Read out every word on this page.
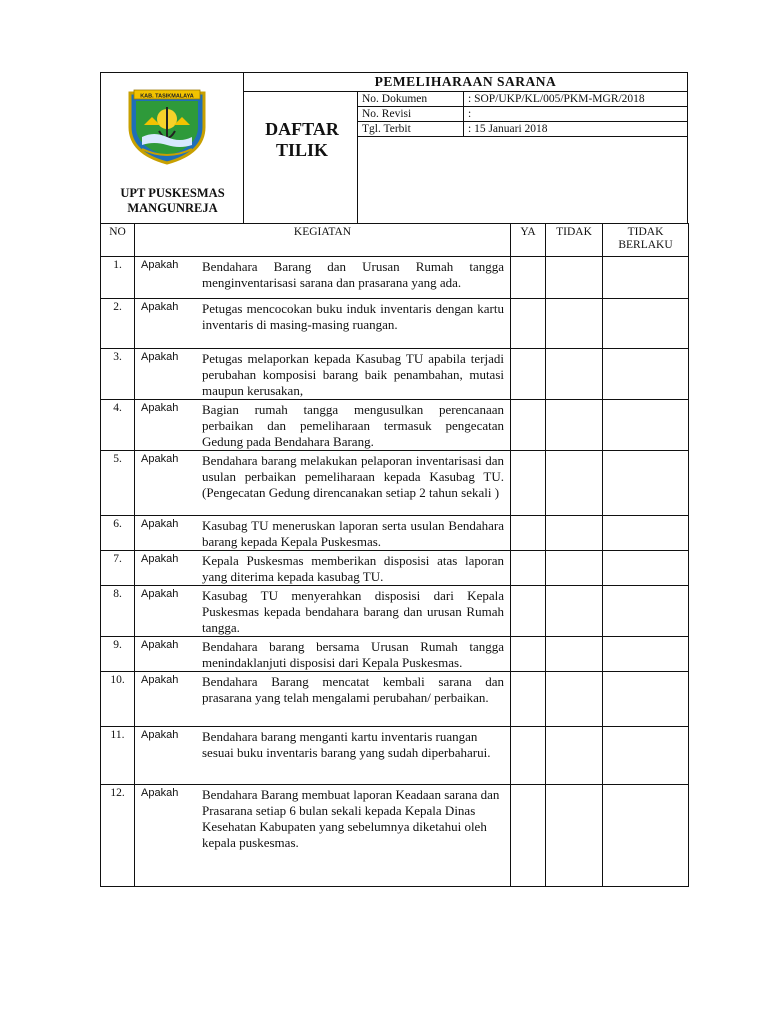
KAB. TASIKMALAYA
UPT PUSKESMAS
MANGUNREJA
PEMELIHARAAN SARANA
DAFTAR
TILIK
No. Dokumen	: SOP/UKP/KL/005/PKM-MGR/2018
No. Revisi	:
Tgl. Terbit	: 15 Januari 2018
NO	KEGIATAN	YA	TIDAK	TIDAK BERLAKU
1.	Apakah Bendahara Barang dan Urusan Rumah tangga menginventarisasi sarana dan prasarana yang ada.			

2.	Apakah Petugas mencocokan buku induk inventaris dengan kartu inventaris di masing-masing ruangan.			

3.	Apakah Petugas melaporkan kepada Kasubag TU apabila terjadi perubahan komposisi barang baik penambahan, mutasi maupun kerusakan,			

4.	Apakah Bagian rumah tangga mengusulkan perencanaan perbaikan dan pemeliharaan termasuk pengecatan Gedung pada Bendahara Barang.			

5.	Apakah Bendahara barang melakukan pelaporan inventarisasi dan usulan perbaikan pemeliharaan kepada Kasubag TU. (Pengecatan Gedung direncanakan setiap 2 tahun sekali )			

6.	Apakah Kasubag TU meneruskan laporan serta usulan Bendahara barang kepada Kepala Puskesmas.			

7.	Apakah Kepala Puskesmas memberikan disposisi atas laporan yang diterima kepada kasubag TU.			

8.	Apakah Kasubag TU menyerahkan disposisi dari Kepala Puskesmas kepada bendahara barang dan urusan Rumah tangga.			

9.	Apakah Bendahara barang bersama Urusan Rumah tangga menindaklanjuti disposisi dari Kepala Puskesmas.			

10.	Apakah Bendahara Barang mencatat kembali sarana dan prasarana yang telah mengalami perubahan/ perbaikan.			

11.	Apakah Bendahara barang menganti kartu inventaris ruangan sesuai buku inventaris barang yang sudah diperbaharui.			

12.	Apakah Bendahara Barang membuat laporan Keadaan sarana dan Prasarana setiap 6 bulan sekali kepada Kepala Dinas Kesehatan Kabupaten yang sebelumnya diketahui oleh kepala puskesmas.			
